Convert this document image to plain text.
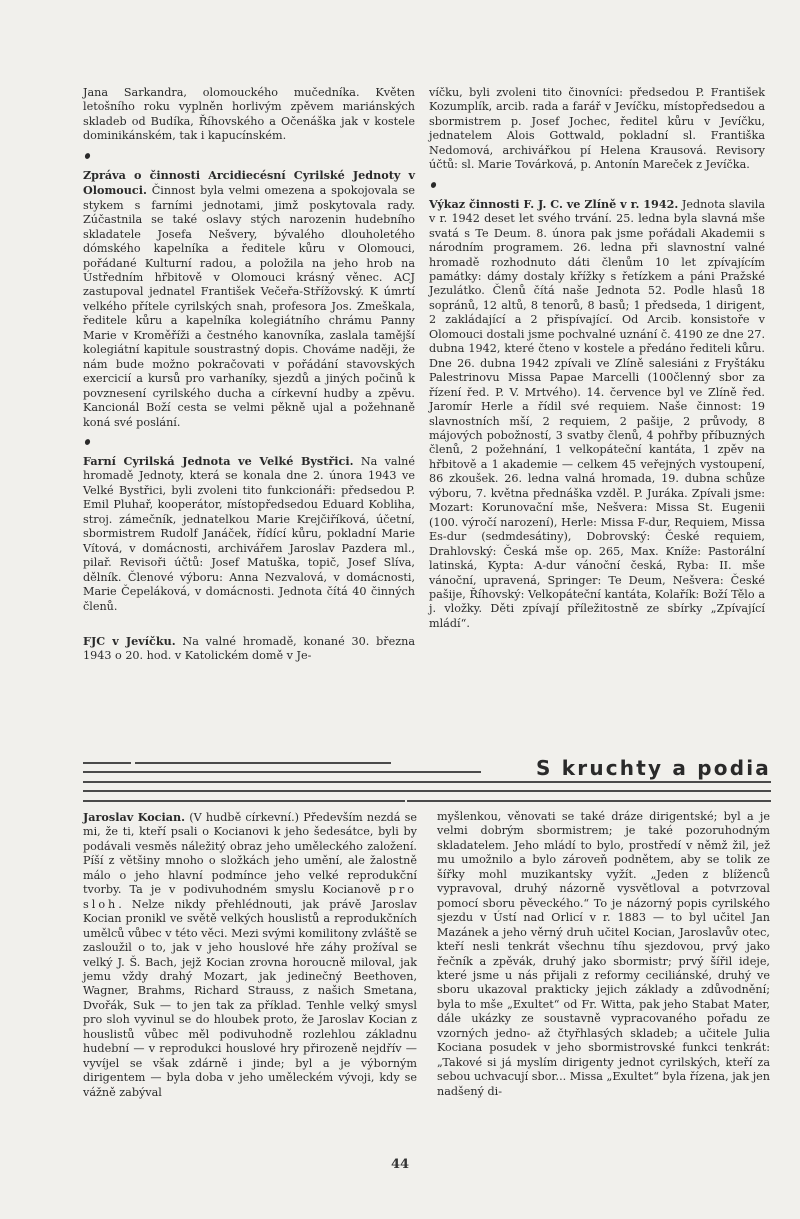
Jana Sarkandra, olomouckého mučedníka. Květen letošního roku vyplněn horlivým zpěvem mariánských skladeb od Budíka, Říhovského a Očenáška jak v kostele dominikánském, tak i kapucínském.

Zpráva o činnosti Arcidiecésní Cyrilské Jednoty v Olomouci. Činnost byla velmi omezena a spokojovala se stykem s farními jednotami, jimž poskytovala rady. Zúčastnila se také oslavy stých narozenin hudebního skladatele Josefa Nešvery, bývalého dlouholetého dómského kapelníka a ředitele kůru v Olomouci, pořádané Kulturní radou, a položila na jeho hrob na Ústředním hřbitově v Olomouci krásný věnec. ACJ zastupoval jednatel František Večeřa-Střížovský. K úmrtí velkého přítele cyrilských snah, profesora Jos. Zmeškala, ředitele kůru a kapelníka kolegiátního chrámu Panny Marie v Kroměříži a čestného kanovníka, zaslala tamější kolegiátní kapitule soustrastný dopis. Chováme naději, že nám bude možno pokračovati v pořádání stavovských exercicií a kursů pro varhaníky, sjezdů a jiných počinů k povznesení cyrilského ducha a církevní hudby a zpěvu. Kancionál Boží cesta se velmi pěkně ujal a požehnaně koná své poslání.

Farní Cyrilská Jednota ve Velké Bystřici. Na valné hromadě Jednoty, která se konala dne 2. února 1943 ve Velké Bystřici, byli zvoleni tito funkcionáři: předsedou P. Emil Pluhař, kooperátor, místopředsedou Eduard Kobliha, stroj. zámečník, jednatelkou Marie Krejčiříková, účetní, sbormistrem Rudolf Janáček, řídící kůru, pokladní Marie Vítová, v domácnosti, archivářem Jaroslav Pazdera ml., pilař. Revisoři účtů: Josef Matuška, topič, Josef Slíva, dělník. Členové výboru: Anna Nezvalová, v domácnosti, Marie Čepeláková, v domácnosti. Jednota čítá 40 činných členů.

FJC v Jevíčku. Na valné hromadě, konané 30. března 1943 o 20. hod. v Katolickém domě v Je-

víčku, byli zvoleni tito činovníci: předsedou P. František Kozumplík, arcib. rada a farář v Jevíčku, místopředsedou a sbormistrem p. Josef Jochec, ředitel kůru v Jevíčku, jednatelem Alois Gottwald, pokladní sl. Františka Nedomová, archivářkou pí Helena Krausová. Revisory účtů: sl. Marie Továrková, p. Antonín Mareček z Jevíčka.

Výkaz činnosti F. J. C. ve Zlíně v r. 1942. Jednota slavila v r. 1942 deset let svého trvání. 25. ledna byla slavná mše svatá s Te Deum. 8. února pak jsme pořádali Akademii s národním programem. 26. ledna při slavnostní valné hromadě rozhodnuto dáti členům 10 let zpívajícím památky: dámy dostaly křížky s řetízkem a páni Pražské Jezulátko. Členů čítá naše Jednota 52. Podle hlasů 18 sopránů, 12 altů, 8 tenorů, 8 basů; 1 předseda, 1 dirigent, 2 zakládající a 2 přispívající. Od Arcib. konsistoře v Olomouci dostali jsme pochvalné uznání č. 4190 ze dne 27. dubna 1942, které čteno v kostele a předáno řediteli kůru. Dne 26. dubna 1942 zpívali ve Zlíně salesiáni z Fryštáku Palestrinovu Missa Papae Marcelli (100členný sbor za řízení řed. P. V. Mrtvého). 14. července byl ve Zlíně řed. Jaromír Herle a řídil své requiem. Naše činnost: 19 slavnostních mší, 2 requiem, 2 pašije, 2 průvody, 8 májových pobožností, 3 svatby členů, 4 pohřby příbuzných členů, 2 požehnání, 1 velkopáteční kantáta, 1 zpěv na hřbitově a 1 akademie — celkem 45 veřejných vystoupení, 86 zkoušek. 26. ledna valná hromada, 19. dubna schůze výboru, 7. května přednáška vzděl. P. Juráka. Zpívali jsme: Mozart: Korunovační mše, Nešvera: Missa St. Eugenii (100. výročí narození), Herle: Missa F-dur, Requiem, Missa Es-dur (sedmdesátiny), Dobrovský: České requiem, Drahlovský: Česká mše op. 265, Max. Kníže: Pastorální latinská, Kypta: A-dur vánoční česká, Ryba: II. mše vánoční, upravená, Springer: Te Deum, Nešvera: České pašije, Říhovský: Velkopáteční kantáta, Kolařík: Boží Tělo a j. vložky. Děti zpívají příležitostně ze sbírky „Zpívající mládí“.

S kruchty a podia

Jaroslav Kocian. (V hudbě církevní.) Především nezdá se mi, že ti, kteří psali o Kocianovi k jeho šedesátce, byli by podávali vesměs náležitý obraz jeho uměleckého založení. Píší z většiny mnoho o složkách jeho umění, ale žalostně málo o jeho hlavní podmínce jeho velké reprodukční tvorby. Ta je v podivuhodném smyslu Kocianově pro sloh. Nelze nikdy přehlédnouti, jak právě Jaroslav Kocian pronikl ve světě velkých houslistů a reprodukčních umělců vůbec v této věci. Mezi svými komilitony zvláště se zasloužil o to, jak v jeho houslové hře záhy prožíval se velký J. Š. Bach, jejž Kocian zrovna horoucně miloval, jak jemu vždy drahý Mozart, jak jedinečný Beethoven, Wagner, Brahms, Richard Strauss, z našich Smetana, Dvořák, Suk — to jen tak za příklad. Tenhle velký smysl pro sloh vyvinul se do hloubek proto, že Jaroslav Kocian z houslistů vůbec měl podivuhodně rozlehlou základnu hudební — v reprodukci houslové hry přirozeně nejdřív — vyvíjel se však zdárně i jinde; byl a je výborným dirigentem — byla doba v jeho uměleckém vývoji, kdy se vážně zabýval

myšlenkou, věnovati se také dráze dirigentské; byl a je velmi dobrým sbormistrem; je také pozoruhodným skladatelem. Jeho mládí to bylo, prostředí v němž žil, jež mu umožnilo a bylo zároveň podnětem, aby se tolik ze šířky mohl muzikantsky vyžít. „Jeden z blíženců vypravoval, druhý názorně vysvětloval a potvrzoval pomocí sboru pěveckého.“ To je názorný popis cyrilského sjezdu v Ústí nad Orlicí v r. 1883 — to byl učitel Jan Mazánek a jeho věrný druh učitel Kocian, Jaroslavův otec, kteří nesli tenkrát všechnu tíhu sjezdovou, prvý jako řečník a zpěvák, druhý jako sbormistr; prvý šířil ideje, které jsme u nás přijali z reformy ceciliánské, druhý ve sboru ukazoval prakticky jejich základy a zdůvodnění; byla to mše „Exultet“ od Fr. Witta, pak jeho Stabat Mater, dále ukázky ze soustavně vypracovaného pořadu ze vzorných jedno- až čtyřhlasých skladeb; a učitele Julia Kociana posudek v jeho sbormistrovské funkci tenkrát: „Takové si já myslím dirigenty jednot cyrilských, kteří za sebou uchvacují sbor... Missa „Exultet“ byla řízena, jak jen nadšený di-

44
